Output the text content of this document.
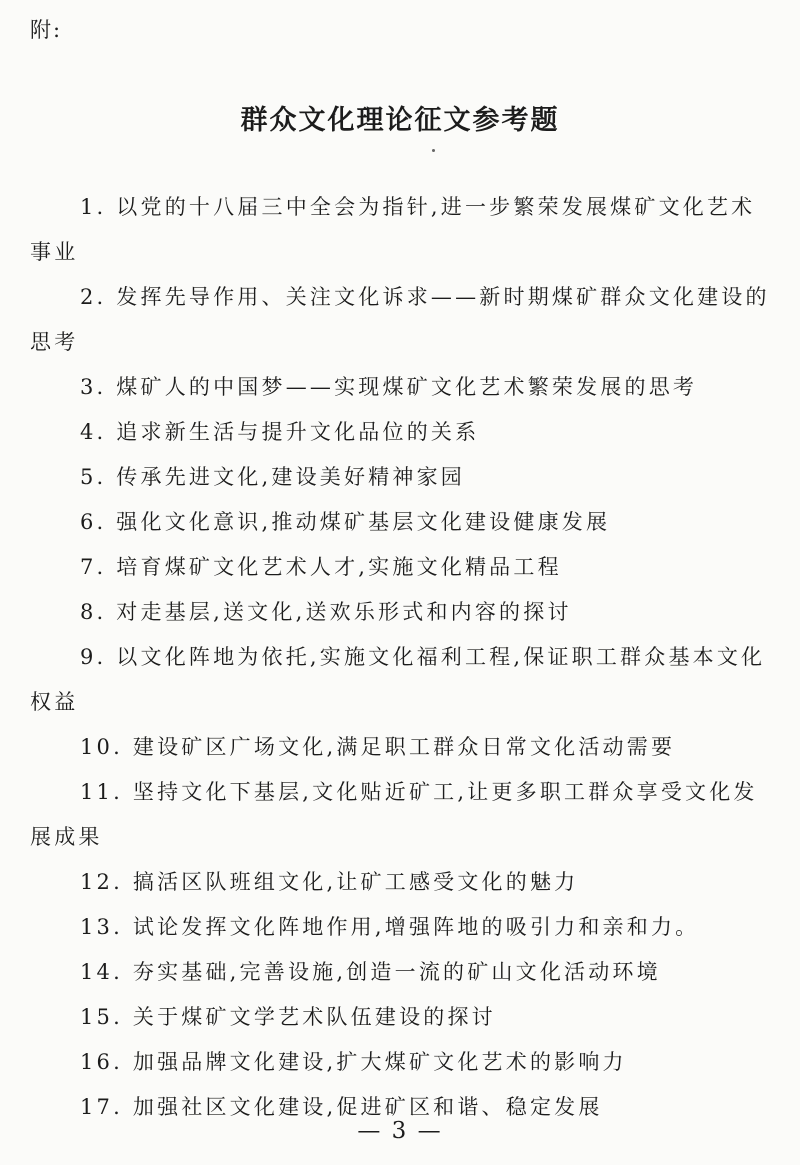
附:
群众文化理论征文参考题
1. 以党的十八届三中全会为指针,进一步繁荣发展煤矿文化艺术事业
2. 发挥先导作用、关注文化诉求——新时期煤矿群众文化建设的思考
3. 煤矿人的中国梦——实现煤矿文化艺术繁荣发展的思考
4. 追求新生活与提升文化品位的关系
5. 传承先进文化,建设美好精神家园
6. 强化文化意识,推动煤矿基层文化建设健康发展
7. 培育煤矿文化艺术人才,实施文化精品工程
8. 对走基层,送文化,送欢乐形式和内容的探讨
9. 以文化阵地为依托,实施文化福利工程,保证职工群众基本文化权益
10. 建设矿区广场文化,满足职工群众日常文化活动需要
11. 坚持文化下基层,文化贴近矿工,让更多职工群众享受文化发展成果
12. 搞活区队班组文化,让矿工感受文化的魅力
13. 试论发挥文化阵地作用,增强阵地的吸引力和亲和力。
14. 夯实基础,完善设施,创造一流的矿山文化活动环境
15. 关于煤矿文学艺术队伍建设的探讨
16. 加强品牌文化建设,扩大煤矿文化艺术的影响力
17. 加强社区文化建设,促进矿区和谐、稳定发展
— 3 —
